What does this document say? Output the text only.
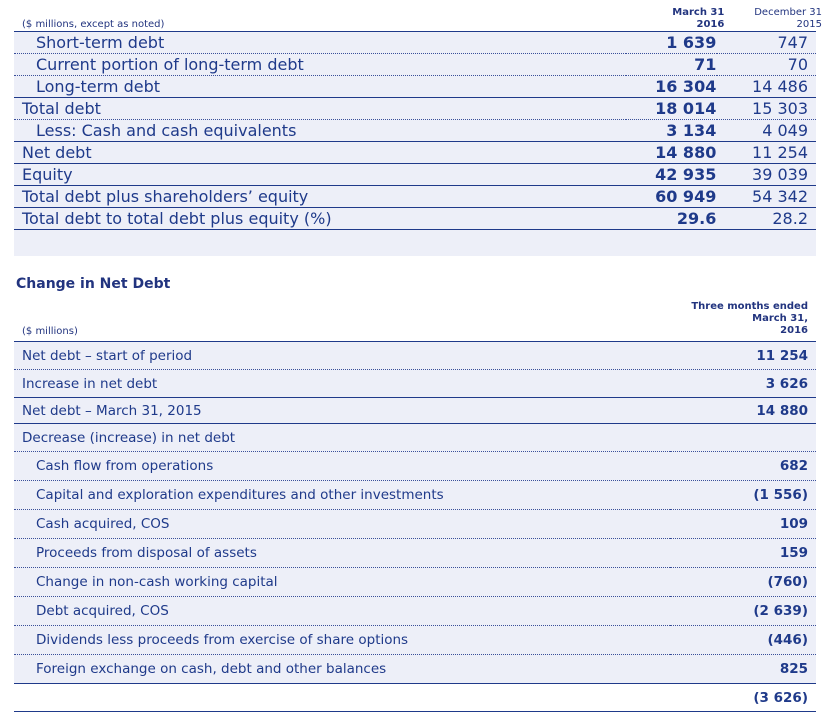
($ millions, except as noted)	
March 31
2016

December 31
2015
Short-term debt	1 639	747
Current portion of long-term debt	71	70
Long-term debt	16 304	14 486
Total debt	18 014	15 303
Less: Cash and cash equivalents	3 134	4 049
Net debt	14 880	11 254
Equity	42 935	39 039
Total debt plus shareholders’ equity	60 949	54 342
Total debt to total debt plus equity (%)	29.6	28.2
Change in Net Debt
($ millions)
Three months ended
March 31,
2016
Net debt – start of period	11 254
Increase in net debt	3 626
Net debt – March 31, 2015	14 880
Decrease (increase) in net debt	
Cash flow from operations	682
Capital and exploration expenditures and other investments	(1 556)
Cash acquired, COS	109
Proceeds from disposal of assets	159
Change in non-cash working capital	(760)
Debt acquired, COS	(2 639)
Dividends less proceeds from exercise of share options	(446)
Foreign exchange on cash, debt and other balances	825
	(3 626)
